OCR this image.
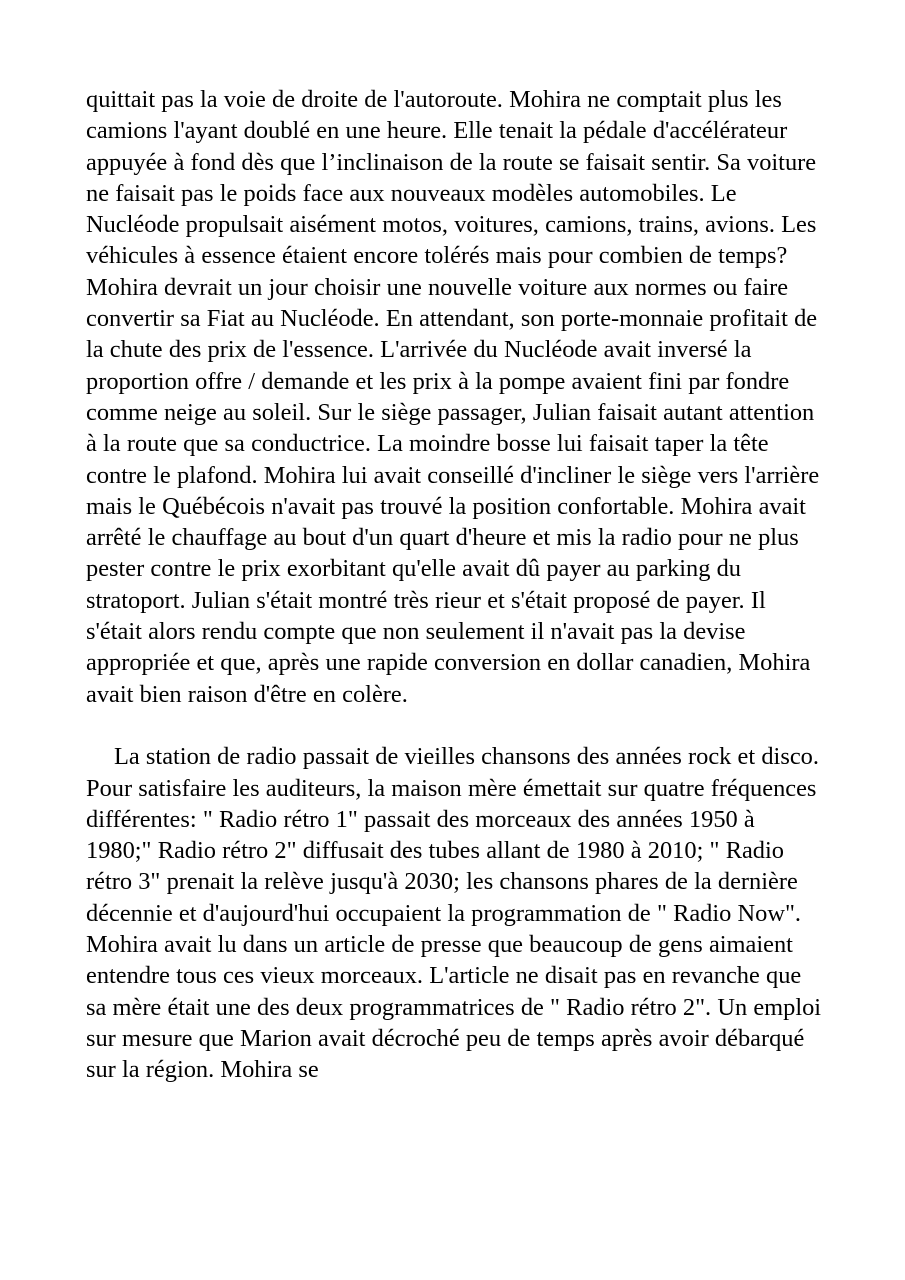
quittait pas la voie de droite de l'autoroute. Mohira ne comptait plus les camions l'ayant doublé en une heure. Elle tenait la pédale d'accélérateur appuyée à fond dès que l’inclinaison de la route se faisait sentir. Sa voiture ne faisait pas le poids face aux nouveaux modèles automobiles. Le Nucléode propulsait aisément motos, voitures, camions, trains, avions. Les véhicules à essence étaient encore tolérés mais pour combien de temps? Mohira devrait un jour choisir une nouvelle voiture aux normes ou faire convertir sa Fiat au Nucléode. En attendant, son porte-monnaie profitait de la chute des prix de l'essence. L'arrivée du Nucléode avait inversé la proportion offre / demande et les prix à la pompe avaient fini par fondre comme neige au soleil. Sur le siège passager, Julian faisait autant attention à la route que sa conductrice. La moindre bosse lui faisait taper la tête contre le plafond. Mohira lui avait conseillé d'incliner le siège vers l'arrière mais le Québécois n'avait pas trouvé la position confortable. Mohira avait arrêté le chauffage au bout d'un quart d'heure et mis la radio pour ne plus pester contre le prix exorbitant qu'elle avait dû payer au parking du stratoport. Julian s'était montré très rieur et s'était proposé de payer. Il s'était alors rendu compte que non seulement il n'avait pas la devise appropriée et que, après une rapide conversion en dollar canadien, Mohira avait bien raison d'être en colère.

La station de radio passait de vieilles chansons des années rock et disco. Pour satisfaire les auditeurs, la maison mère émettait sur quatre fréquences différentes: " Radio rétro 1" passait des morceaux des années 1950 à 1980;" Radio rétro 2" diffusait des tubes allant de 1980 à 2010; " Radio rétro 3" prenait la relève jusqu'à 2030; les chansons phares de la dernière décennie et d'aujourd'hui occupaient la programmation de " Radio Now". Mohira avait lu dans un article de presse que beaucoup de gens aimaient entendre tous ces vieux morceaux. L'article ne disait pas en revanche que sa mère était une des deux programmatrices de " Radio rétro 2". Un emploi sur mesure que Marion avait décroché peu de temps après avoir débarqué sur la région. Mohira se
